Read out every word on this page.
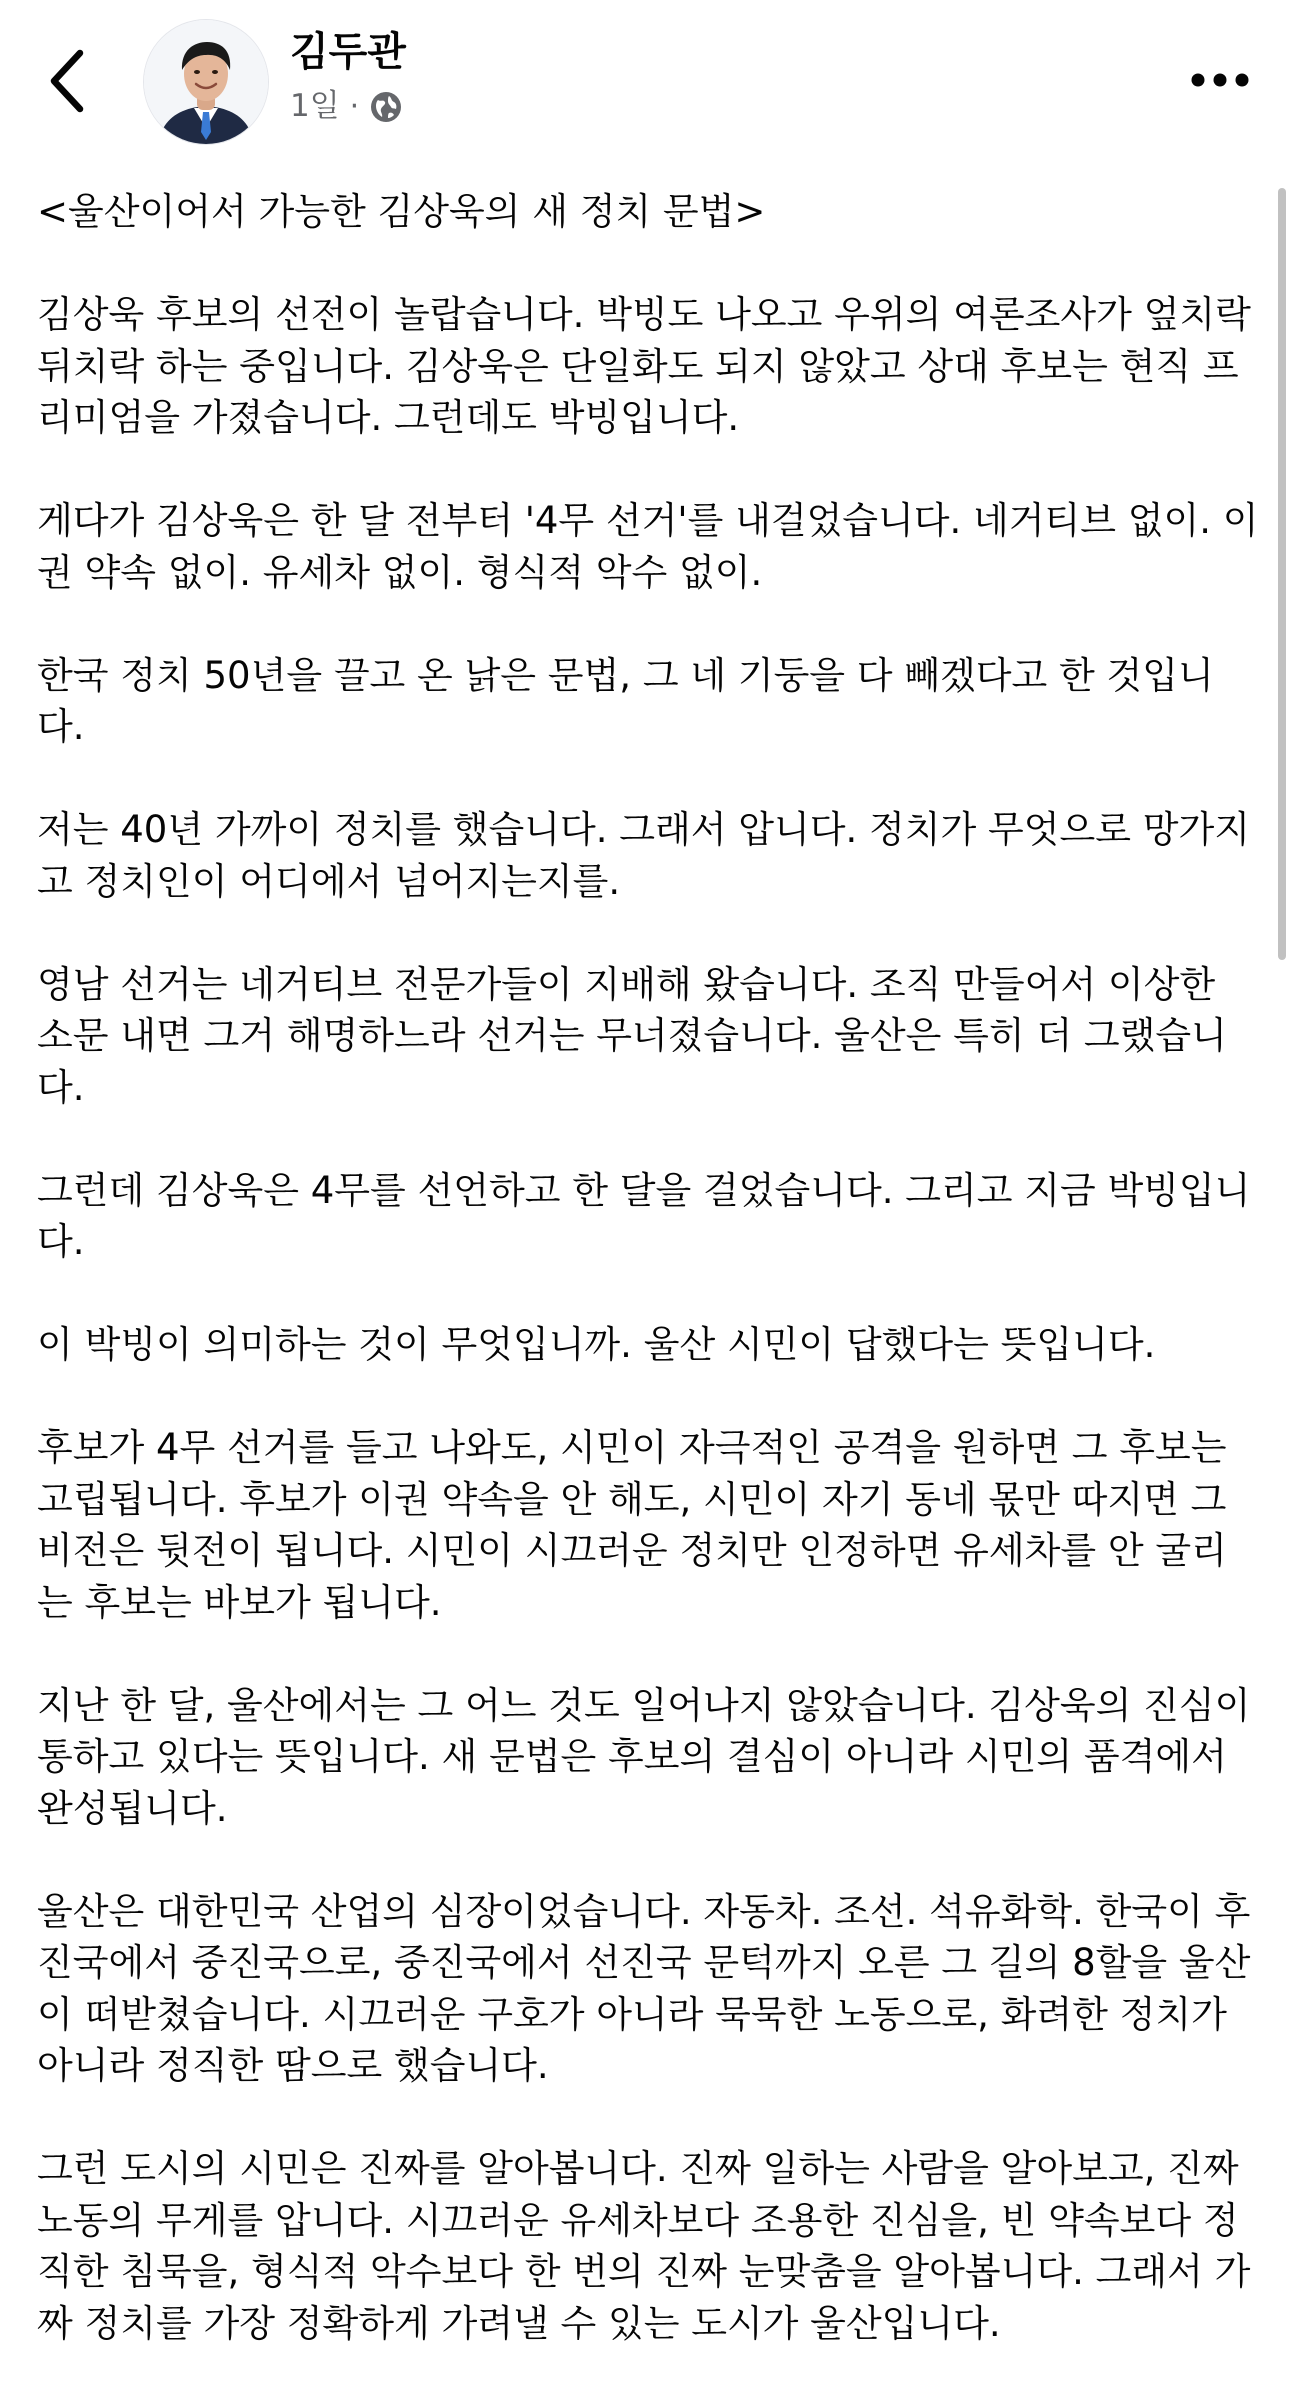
김두관
1일 ·

<울산이어서 가능한 김상욱의 새 정치 문법>

김상욱 후보의 선전이 놀랍습니다. 박빙도 나오고 우위의 여론조사가 엎치락 뒤치락 하는 중입니다. 김상욱은 단일화도 되지 않았고 상대 후보는 현직 프리미엄을 가졌습니다. 그런데도 박빙입니다.

게다가 김상욱은 한 달 전부터 '4무 선거'를 내걸었습니다. 네거티브 없이. 이권 약속 없이. 유세차 없이. 형식적 악수 없이.

한국 정치 50년을 끌고 온 낡은 문법, 그 네 기둥을 다 빼겠다고 한 것입니다.

저는 40년 가까이 정치를 했습니다. 그래서 압니다. 정치가 무엇으로 망가지고 정치인이 어디에서 넘어지는지를.

영남 선거는 네거티브 전문가들이 지배해 왔습니다. 조직 만들어서 이상한 소문 내면 그거 해명하느라 선거는 무너졌습니다. 울산은 특히 더 그랬습니다.

그런데 김상욱은 4무를 선언하고 한 달을 걸었습니다. 그리고 지금 박빙입니다.

이 박빙이 의미하는 것이 무엇입니까. 울산 시민이 답했다는 뜻입니다.

후보가 4무 선거를 들고 나와도, 시민이 자극적인 공격을 원하면 그 후보는 고립됩니다. 후보가 이권 약속을 안 해도, 시민이 자기 동네 몫만 따지면 그 비전은 뒷전이 됩니다. 시민이 시끄러운 정치만 인정하면 유세차를 안 굴리는 후보는 바보가 됩니다.

지난 한 달, 울산에서는 그 어느 것도 일어나지 않았습니다. 김상욱의 진심이 통하고 있다는 뜻입니다. 새 문법은 후보의 결심이 아니라 시민의 품격에서 완성됩니다.

울산은 대한민국 산업의 심장이었습니다. 자동차. 조선. 석유화학. 한국이 후진국에서 중진국으로, 중진국에서 선진국 문턱까지 오른 그 길의 8할을 울산이 떠받쳤습니다. 시끄러운 구호가 아니라 묵묵한 노동으로, 화려한 정치가 아니라 정직한 땀으로 했습니다.

그런 도시의 시민은 진짜를 알아봅니다. 진짜 일하는 사람을 알아보고, 진짜 노동의 무게를 압니다. 시끄러운 유세차보다 조용한 진심을, 빈 약속보다 정직한 침묵을, 형식적 악수보다 한 번의 진짜 눈맞춤을 알아봅니다. 그래서 가짜 정치를 가장 정확하게 가려낼 수 있는 도시가 울산입니다.
